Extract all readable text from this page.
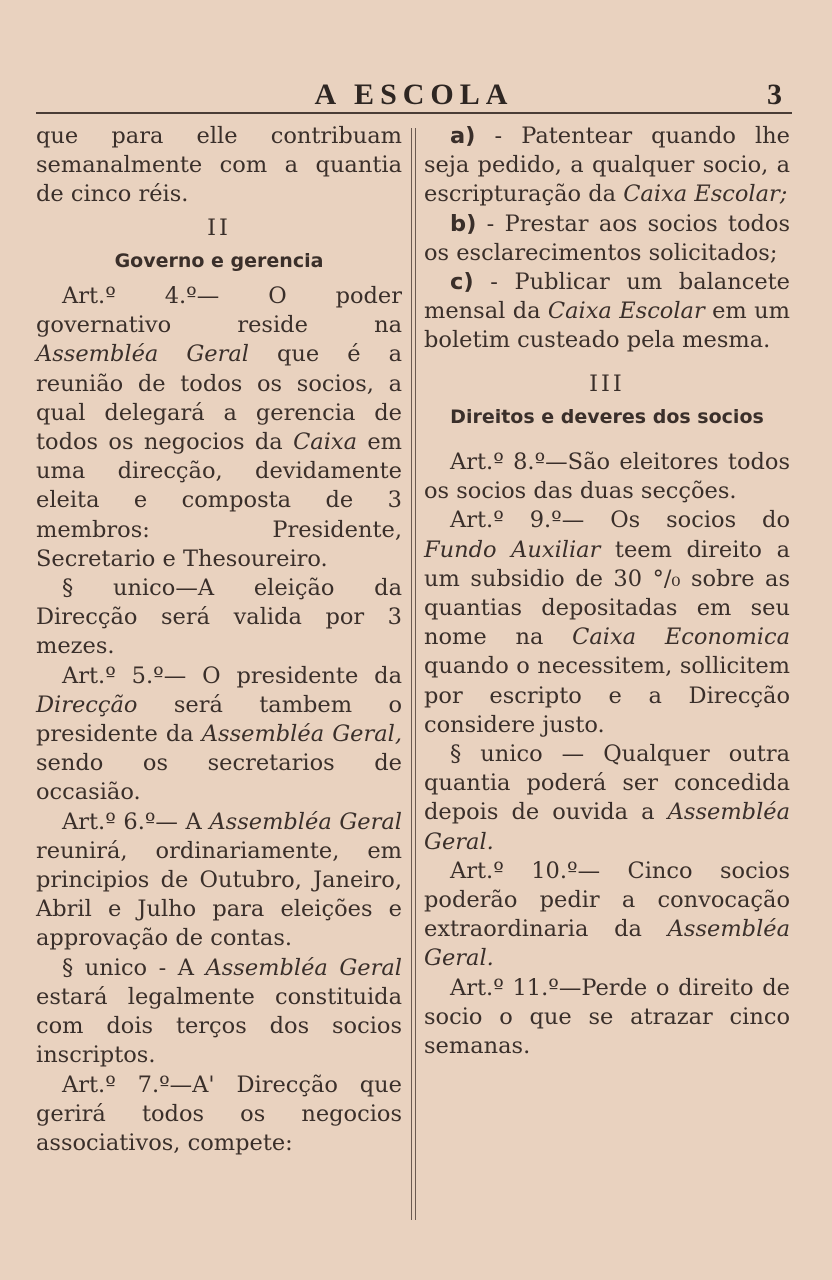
A ESCOLA	3

que para elle contribuam semanalmente com a quantia de cinco réis.

II

Governo e gerencia

Art.º 4.º— O poder governativo reside na Assembléa Geral que é a reunião de todos os socios, a qual delegará a gerencia de todos os negocios da Caixa em uma direcção, devidamente eleita e composta de 3 membros: Presidente, Secretario e Thesoureiro.

§ unico—A eleição da Direcção será valida por 3 mezes.

Art.º 5.º— O presidente da Direcção será tambem o presidente da Assembléa Geral, sendo os secretarios de occasião.

Art.º 6.º— A Assembléa Geral reunirá, ordinariamente, em principios de Outubro, Janeiro, Abril e Julho para eleições e approvação de contas.

§ unico - A Assembléa Geral estará legalmente constituida com dois terços dos socios inscriptos.

Art.º 7.º—A' Direcção que gerirá todos os negocios associativos, compete:

a) - Patentear quando lhe seja pedido, a qualquer socio, a escripturação da Caixa Escolar;

b) - Prestar aos socios todos os esclarecimentos solicitados;

c) - Publicar um balancete mensal da Caixa Escolar em um boletim custeado pela mesma.

III

Direitos e deveres dos socios

Art.º 8.º—São eleitores todos os socios das duas secções.

Art.º 9.º— Os socios do Fundo Auxiliar teem direito a um subsidio de 30 °/₀ sobre as quantias depositadas em seu nome na Caixa Economica quando o necessitem, sollicitem por escripto e a Direcção considere justo.

§ unico — Qualquer outra quantia poderá ser concedida depois de ouvida a Assembléa Geral.

Art.º 10.º— Cinco socios poderão pedir a convocação extraordinaria da Assembléa Geral.

Art.º 11.º—Perde o direito de socio o que se atrazar cinco semanas.
